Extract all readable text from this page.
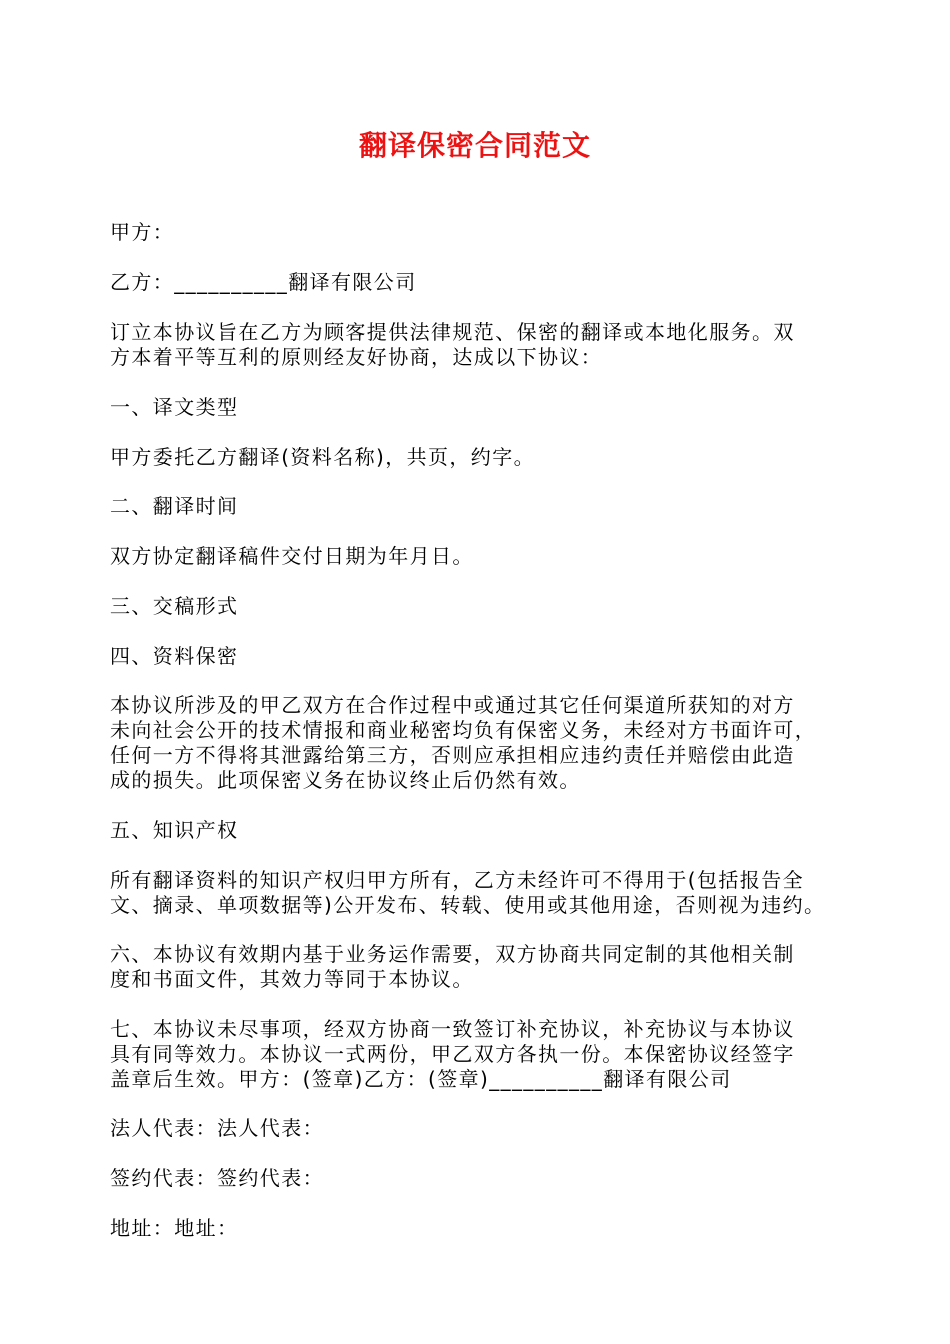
翻译保密合同范文
甲方：
乙方：__________翻译有限公司
订立本协议旨在乙方为顾客提供法律规范、保密的翻译或本地化服务。双
方本着平等互利的原则经友好协商，达成以下协议：
一、译文类型
甲方委托乙方翻译(资料名称)，共页，约字。
二、翻译时间
双方协定翻译稿件交付日期为年月日。
三、交稿形式
四、资料保密
本协议所涉及的甲乙双方在合作过程中或通过其它任何渠道所获知的对方
未向社会公开的技术情报和商业秘密均负有保密义务，未经对方书面许可，
任何一方不得将其泄露给第三方，否则应承担相应违约责任并赔偿由此造
成的损失。此项保密义务在协议终止后仍然有效。
五、知识产权
所有翻译资料的知识产权归甲方所有，乙方未经许可不得用于(包括报告全
文、摘录、单项数据等)公开发布、转载、使用或其他用途，否则视为违约。
六、本协议有效期内基于业务运作需要，双方协商共同定制的其他相关制
度和书面文件，其效力等同于本协议。
七、本协议未尽事项，经双方协商一致签订补充协议，补充协议与本协议
具有同等效力。本协议一式两份，甲乙双方各执一份。本保密协议经签字
盖章后生效。甲方：(签章)乙方：(签章)__________翻译有限公司
法人代表：法人代表：
签约代表：签约代表：
地址：地址：
